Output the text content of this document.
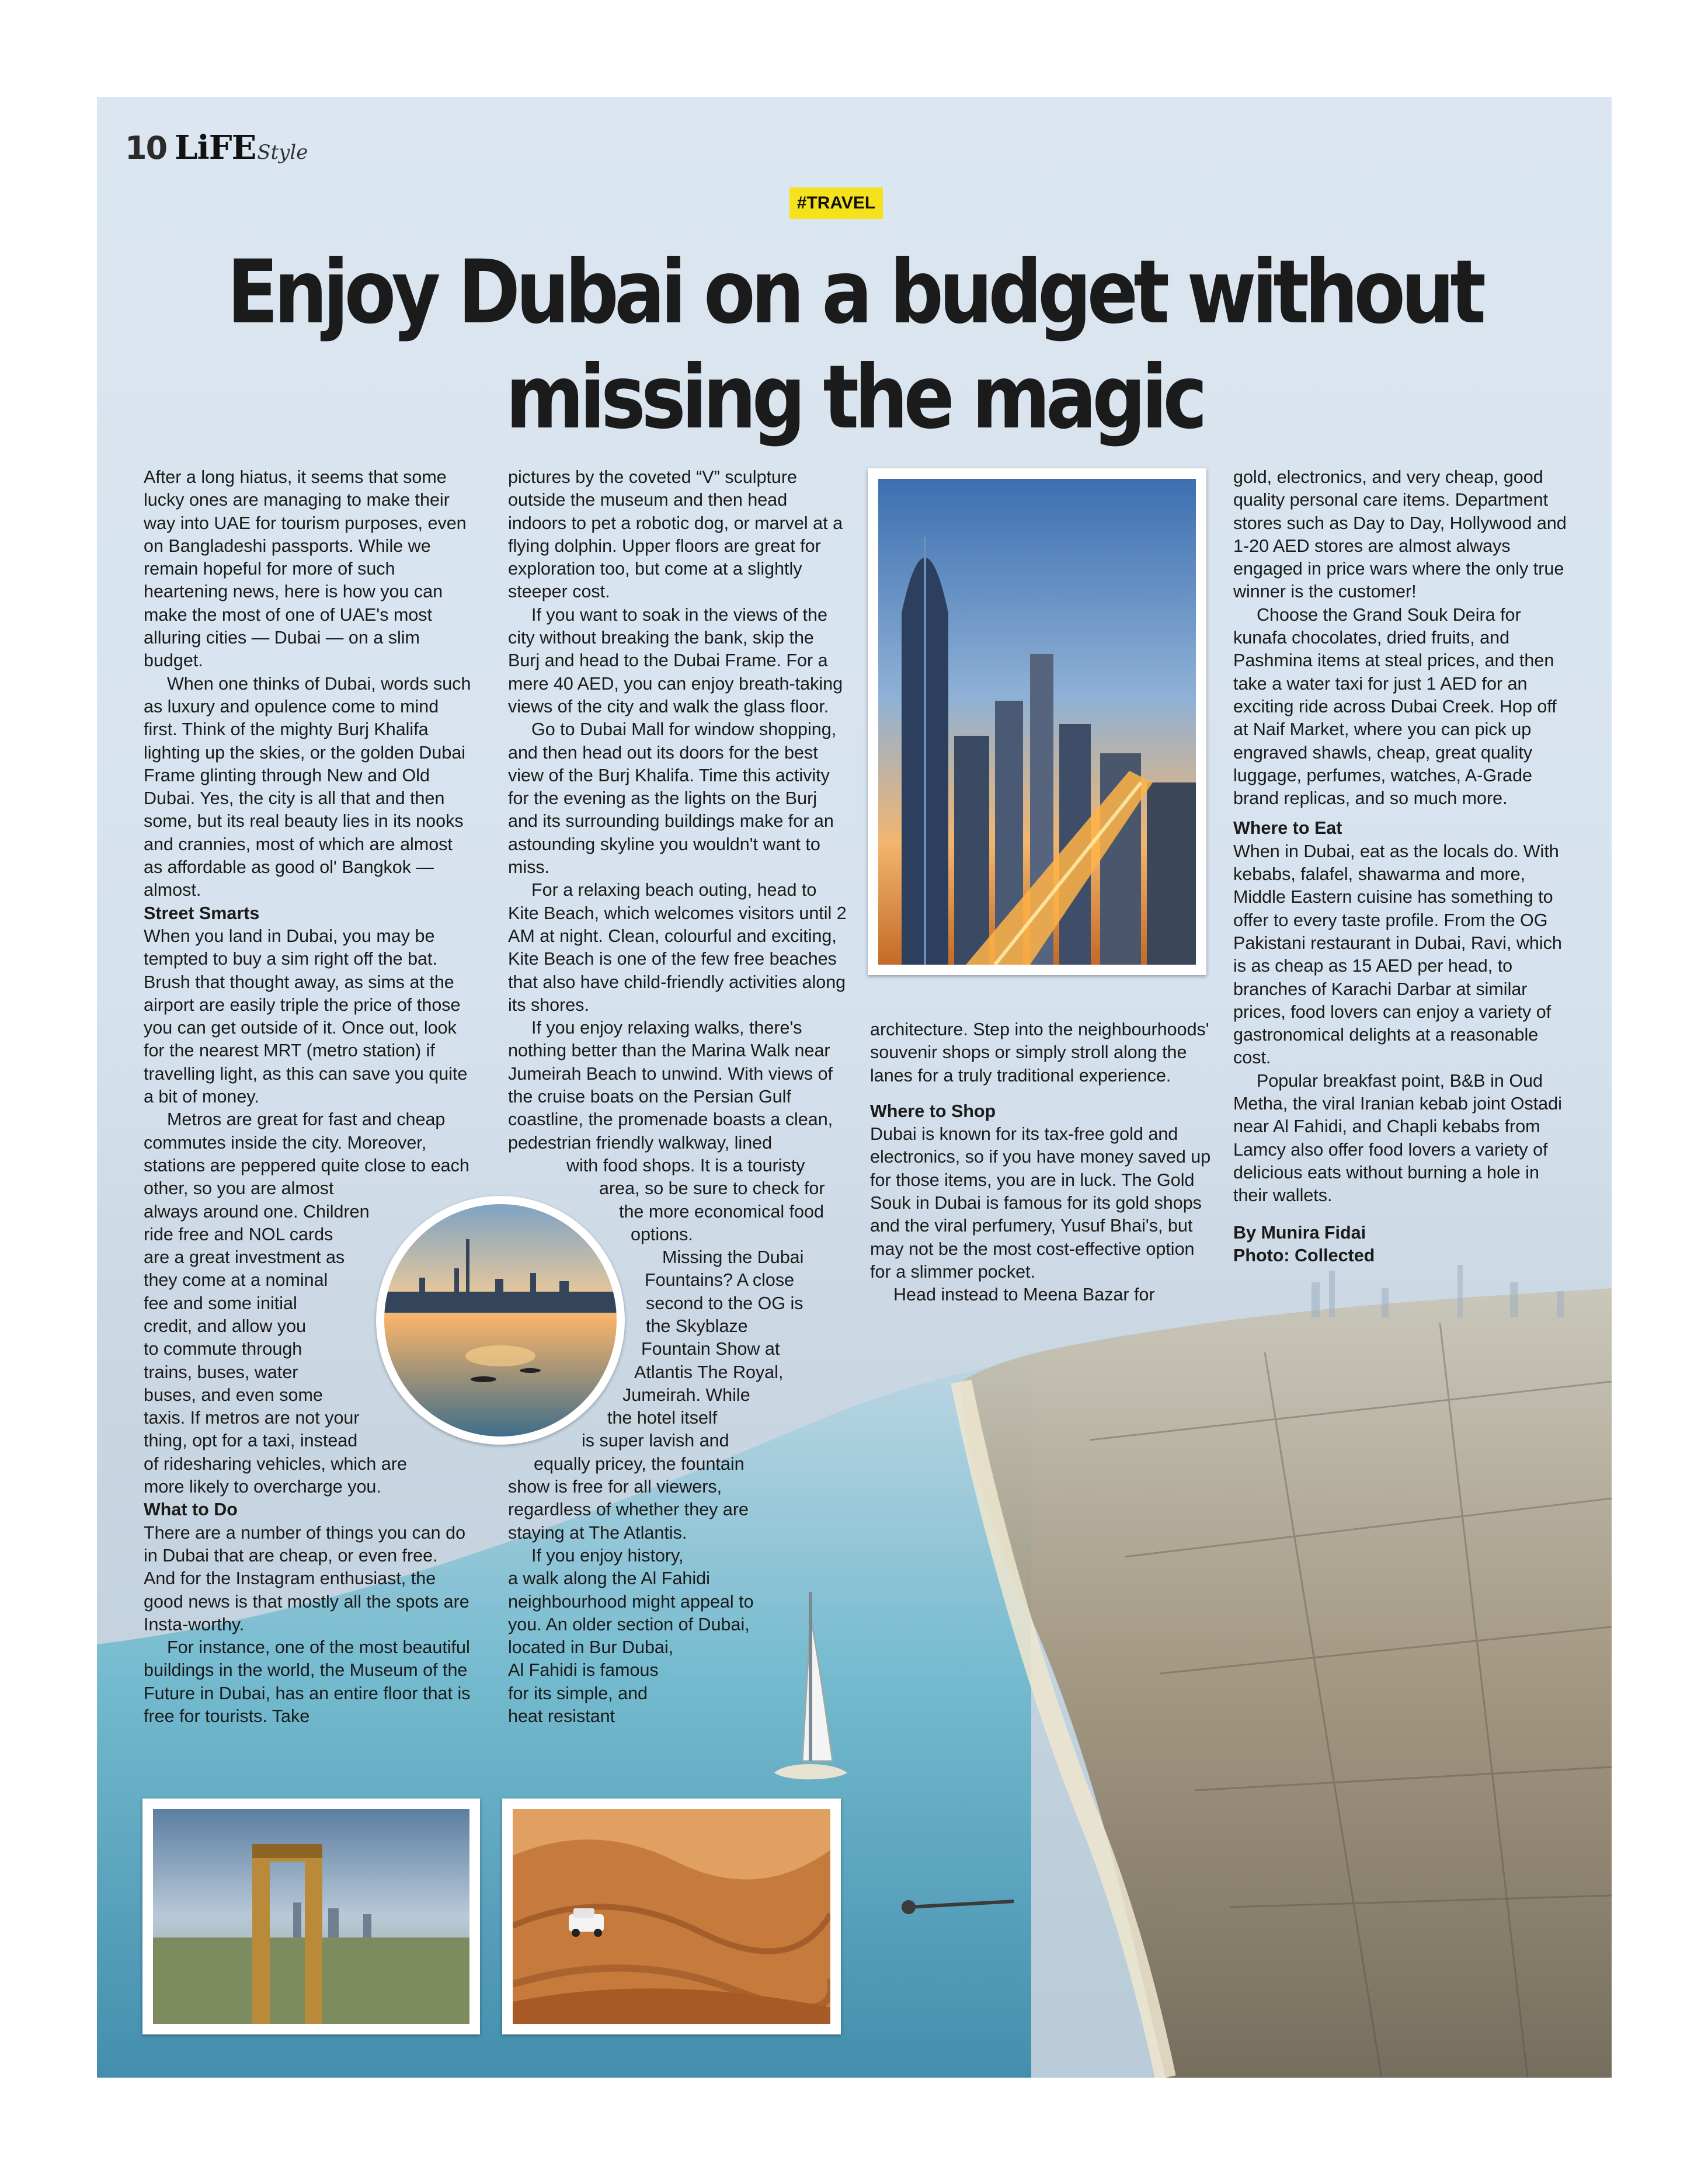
10 LiFE Style
#TRAVEL
Enjoy Dubai on a budget without
missing the magic

After a long hiatus, it seems that some lucky ones are managing to make their way into UAE for tourism purposes, even on Bangladeshi passports. While we remain hopeful for more of such heartening news, here is how you can make the most of one of UAE's most alluring cities — Dubai — on a slim budget.

When one thinks of Dubai, words such as luxury and opulence come to mind first. Think of the mighty Burj Khalifa lighting up the skies, or the golden Dubai Frame glinting through New and Old Dubai. Yes, the city is all that and then some, but its real beauty lies in its nooks and crannies, most of which are almost as affordable as good ol' Bangkok — almost.

Street Smarts

When you land in Dubai, you may be tempted to buy a sim right off the bat. Brush that thought away, as sims at the airport are easily triple the price of those you can get outside of it. Once out, look for the nearest MRT (metro station) if travelling light, as this can save you quite a bit of money.

Metros are great for fast and cheap commutes inside the city. Moreover, stations are peppered quite close to each other, so you are almost

always around one. Children

ride free and NOL cards

are a great investment as

they come at a nominal

fee and some initial

credit, and allow you

to commute through

trains, buses, water

buses, and even some

taxis. If metros are not your

thing, opt for a taxi, instead

of ridesharing vehicles, which are

more likely to overcharge you.

What to Do

There are a number of things you can do in Dubai that are cheap, or even free. And for the Instagram enthusiast, the good news is that mostly all the spots are Insta-worthy.

For instance, one of the most beautiful buildings in the world, the Museum of the Future in Dubai, has an entire floor that is free for tourists. Take

pictures by the coveted “V” sculpture outside the museum and then head indoors to pet a robotic dog, or marvel at a flying dolphin. Upper floors are great for exploration too, but come at a slightly steeper cost.

If you want to soak in the views of the city without breaking the bank, skip the Burj and head to the Dubai Frame. For a mere 40 AED, you can enjoy breath-taking views of the city and walk the glass floor.

Go to Dubai Mall for window shopping, and then head out its doors for the best view of the Burj Khalifa. Time this activity for the evening as the lights on the Burj and its surrounding buildings make for an astounding skyline you wouldn't want to miss.

For a relaxing beach outing, head to Kite Beach, which welcomes visitors until 2 AM at night. Clean, colourful and exciting, Kite Beach is one of the few free beaches that also have child-friendly activities along its shores.

If you enjoy relaxing walks, there's nothing better than the Marina Walk near Jumeirah Beach to unwind. With views of the cruise boats on the Persian Gulf coastline, the promenade boasts a clean, pedestrian friendly walkway, lined

with food shops. It is a touristy

area, so be sure to check for

the more economical food

options.

Missing the Dubai

Fountains? A close

second to the OG is

the Skyblaze

Fountain Show at

Atlantis The Royal,

Jumeirah. While

the hotel itself

is super lavish and

equally pricey, the fountain

show is free for all viewers,

regardless of whether they are

staying at The Atlantis.

If you enjoy history,

a walk along the Al Fahidi

neighbourhood might appeal to

you. An older section of Dubai,

located in Bur Dubai,

Al Fahidi is famous

for its simple, and

heat resistant

architecture. Step into the neighbourhoods' souvenir shops or simply stroll along the lanes for a truly traditional experience.

Where to Shop

Dubai is known for its tax-free gold and electronics, so if you have money saved up for those items, you are in luck. The Gold Souk in Dubai is famous for its gold shops and the viral perfumery, Yusuf Bhai's, but may not be the most cost-effective option for a slimmer pocket.

Head instead to Meena Bazar for

gold, electronics, and very cheap, good quality personal care items. Department stores such as Day to Day, Hollywood and 1-20 AED stores are almost always engaged in price wars where the only true winner is the customer!

Choose the Grand Souk Deira for kunafa chocolates, dried fruits, and Pashmina items at steal prices, and then take a water taxi for just 1 AED for an exciting ride across Dubai Creek. Hop off at Naif Market, where you can pick up engraved shawls, cheap, great quality luggage, perfumes, watches, A-Grade brand replicas, and so much more.

Where to Eat

When in Dubai, eat as the locals do. With kebabs, falafel, shawarma and more, Middle Eastern cuisine has something to offer to every taste profile. From the OG Pakistani restaurant in Dubai, Ravi, which is as cheap as 15 AED per head, to branches of Karachi Darbar at similar prices, food lovers can enjoy a variety of gastronomical delights at a reasonable cost.

Popular breakfast point, B&B in Oud Metha, the viral Iranian kebab joint Ostadi near Al Fahidi, and Chapli kebabs from Lamcy also offer food lovers a variety of delicious eats without burning a hole in their wallets.

By Munira Fidai

Photo: Collected
